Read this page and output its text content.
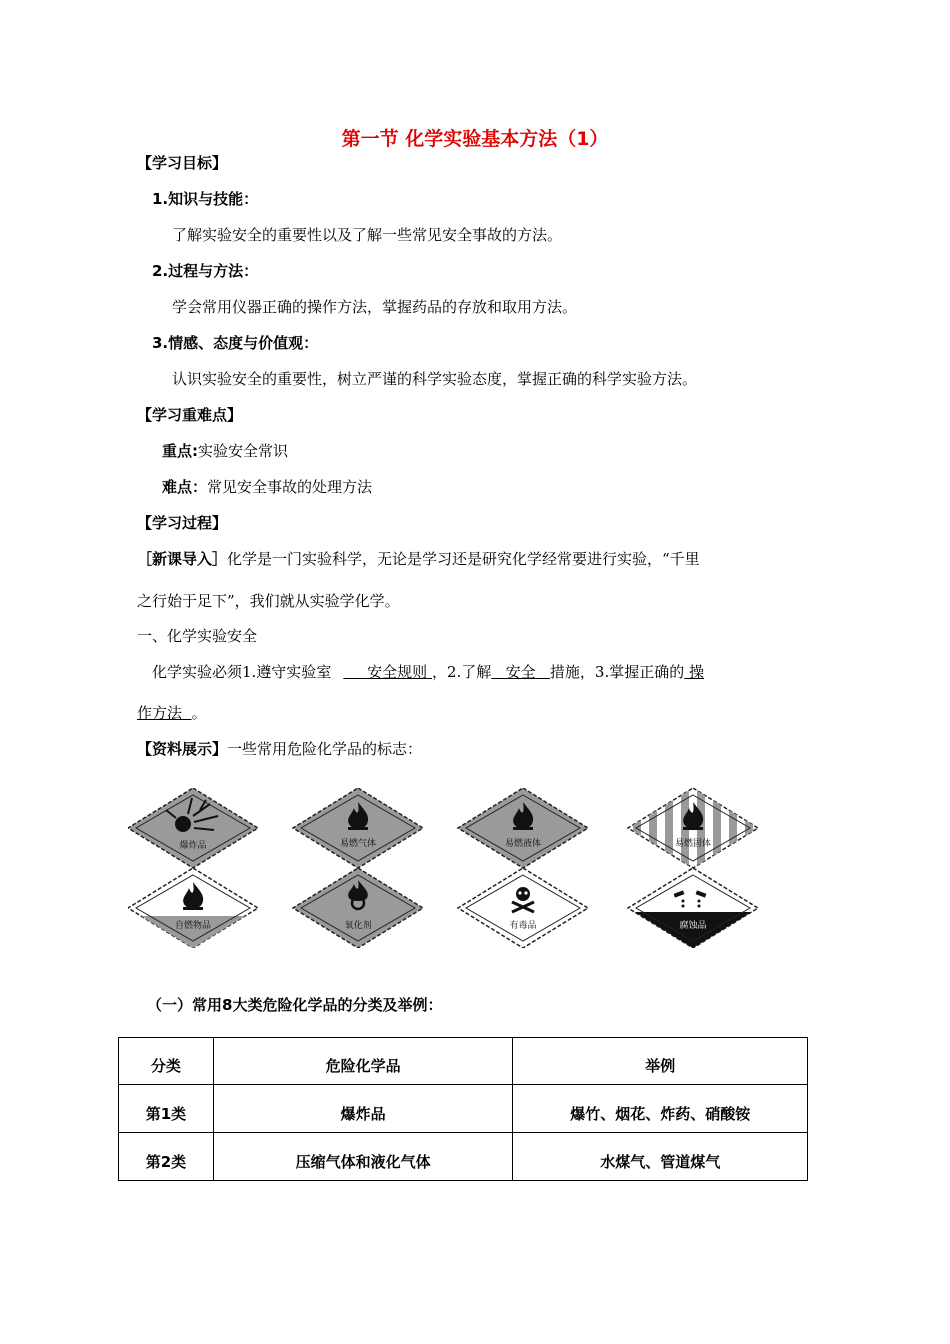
第一节 化学实验基本方法（1）
【学习目标】
1.知识与技能：
了解实验安全的重要性以及了解一些常见安全事故的方法。
2.过程与方法：
学会常用仪器正确的操作方法，掌握药品的存放和取用方法。
3.情感、态度与价值观：
认识实验安全的重要性，树立严谨的科学实验态度，掌握正确的科学实验方法。
【学习重难点】
重点:实验安全常识
难点：常见安全事故的处理方法
【学习过程】
［新课导入］化学是一门实验科学，无论是学习还是研究化学经常要进行实验，“千里
之行始于足下”，我们就从实验学化学。
一、化学实验安全
化学实验必须1.遵守实验室 安全规则 ，2.了解 安全 措施，3.掌握正确的 操
作方法 。
【资料展示】一些常用危险化学品的标志：
爆炸品	易燃气体	易燃液体	易燃固体
自燃物品	氧化剂	有毒品	腐蚀品
（一）常用8大类危险化学品的分类及举例：
分类	危险化学品	举例
第1类	爆炸品	爆竹、烟花、炸药、硝酸铵
第2类	压缩气体和液化气体	水煤气、管道煤气
